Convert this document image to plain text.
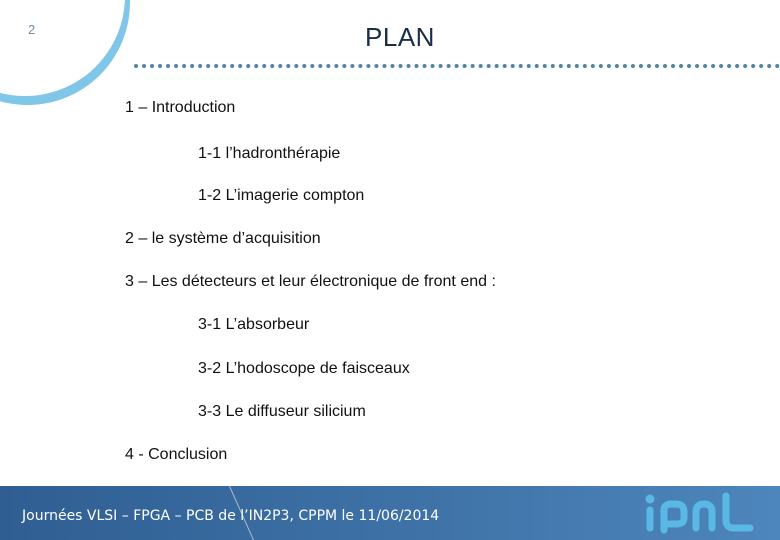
2	PLAN
1 – Introduction
1-1 l’hadronthérapie
1-2 L’imagerie compton
2 – le système d’acquisition
3 – Les détecteurs et leur électronique de front end :
3-1 L’absorbeur
3-2 L’hodoscope de faisceaux
3-3 Le diffuseur silicium
4 - Conclusion
Journées VLSI – FPGA – PCB de l’IN2P3, CPPM le 11/06/2014
